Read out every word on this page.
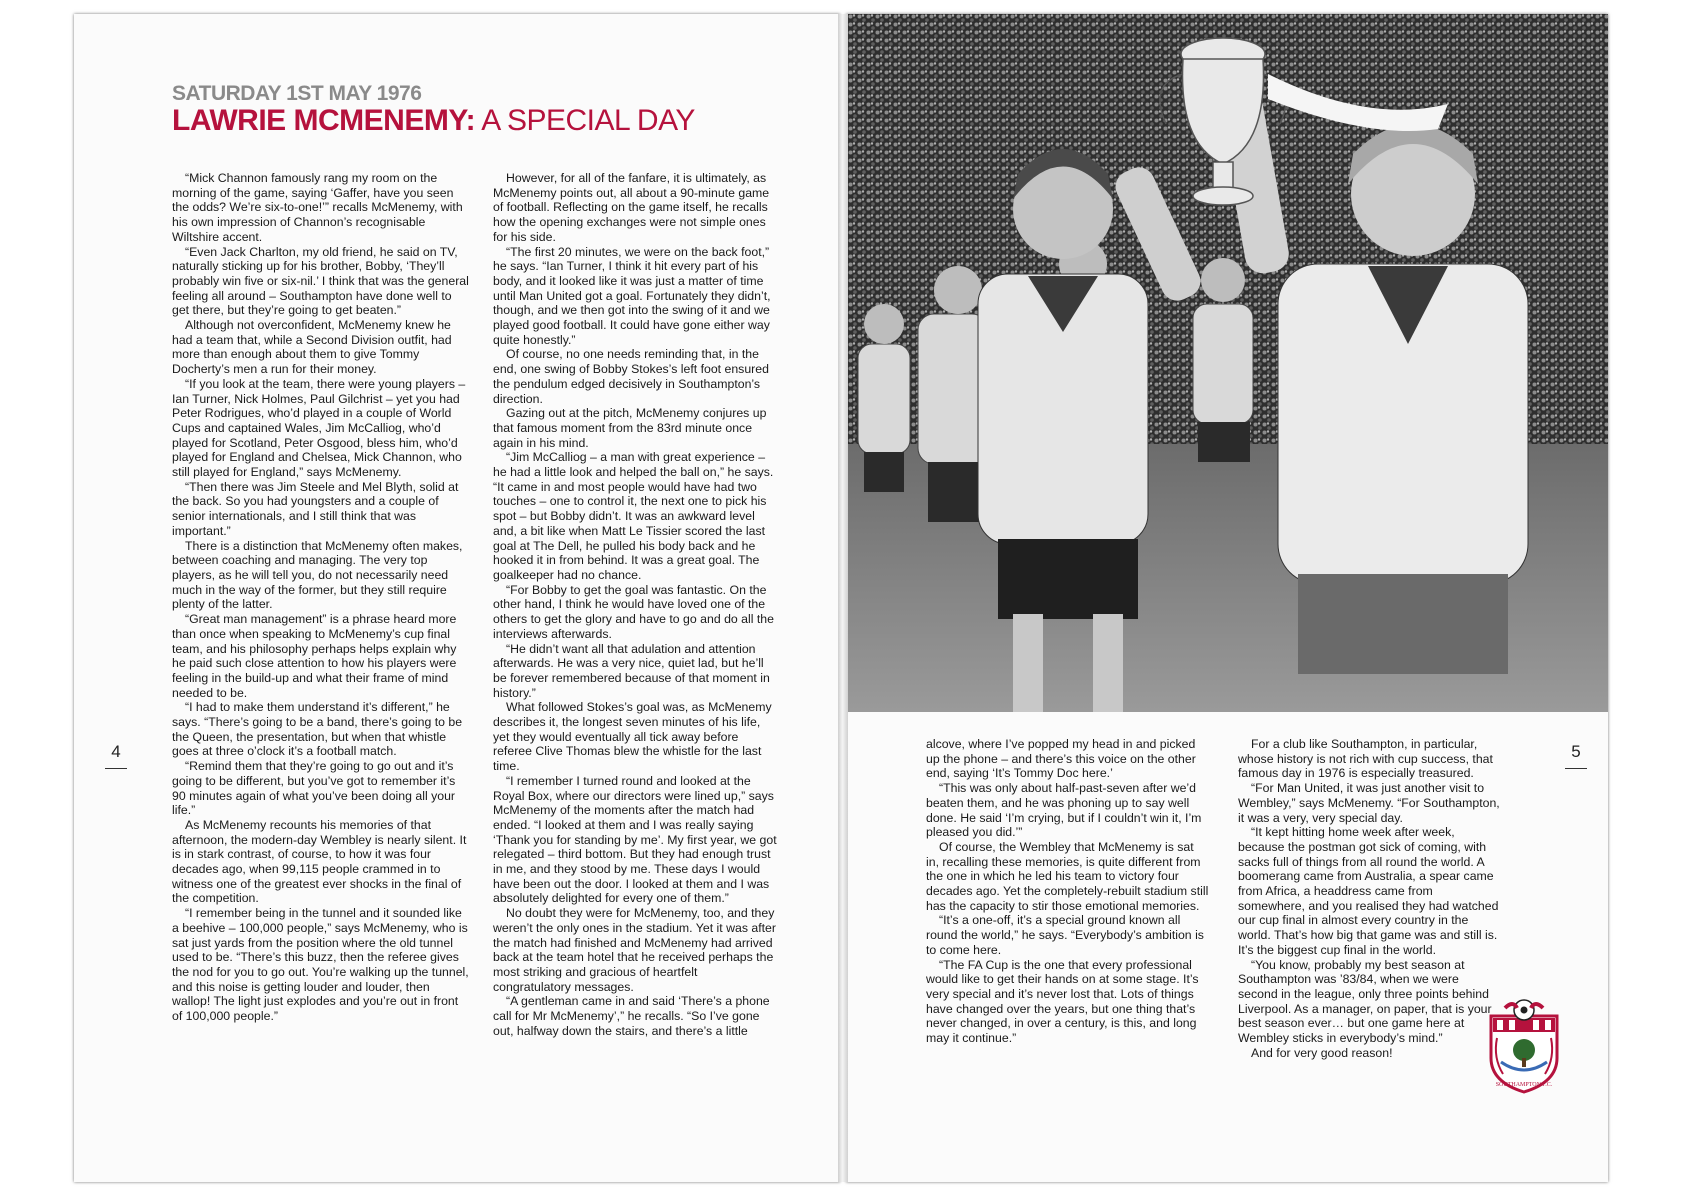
SATURDAY 1ST MAY 1976

LAWRIE MCMENEMY: A SPECIAL DAY

“Mick Channon famously rang my room on the morning of the game, saying ‘Gaffer, have you seen the odds? We’re six-to-one!’” recalls McMenemy, with his own impression of Channon’s recognisable Wiltshire accent.

“Even Jack Charlton, my old friend, he said on TV, naturally sticking up for his brother, Bobby, ‘They’ll probably win five or six-nil.’ I think that was the general feeling all around – Southampton have done well to get there, but they’re going to get beaten.”

Although not overconfident, McMenemy knew he had a team that, while a Second Division outfit, had more than enough about them to give Tommy Docherty’s men a run for their money.

“If you look at the team, there were young players – Ian Turner, Nick Holmes, Paul Gilchrist – yet you had Peter Rodrigues, who’d played in a couple of World Cups and captained Wales, Jim McCalliog, who’d played for Scotland, Peter Osgood, bless him, who’d played for England and Chelsea, Mick Channon, who still played for England,” says McMenemy.

“Then there was Jim Steele and Mel Blyth, solid at the back. So you had youngsters and a couple of senior internationals, and I still think that was important.”

There is a distinction that McMenemy often makes, between coaching and managing. The very top players, as he will tell you, do not necessarily need much in the way of the former, but they still require plenty of the latter.

“Great man management” is a phrase heard more than once when speaking to McMenemy’s cup final team, and his philosophy perhaps helps explain why he paid such close attention to how his players were feeling in the build-up and what their frame of mind needed to be.

“I had to make them understand it’s different,” he says. “There’s going to be a band, there’s going to be the Queen, the presentation, but when that whistle goes at three o’clock it’s a football match.

“Remind them that they’re going to go out and it’s going to be different, but you’ve got to remember it’s 90 minutes again of what you’ve been doing all your life.”

As McMenemy recounts his memories of that afternoon, the modern-day Wembley is nearly silent. It is in stark contrast, of course, to how it was four decades ago, when 99,115 people crammed in to witness one of the greatest ever shocks in the final of the competition.

“I remember being in the tunnel and it sounded like a beehive – 100,000 people,” says McMenemy, who is sat just yards from the position where the old tunnel used to be. “There’s this buzz, then the referee gives the nod for you to go out. You’re walking up the tunnel, and this noise is getting louder and louder, then wallop! The light just explodes and you’re out in front of 100,000 people.”

However, for all of the fanfare, it is ultimately, as McMenemy points out, all about a 90-minute game of football. Reflecting on the game itself, he recalls how the opening exchanges were not simple ones for his side.

“The first 20 minutes, we were on the back foot,” he says. “Ian Turner, I think it hit every part of his body, and it looked like it was just a matter of time until Man United got a goal. Fortunately they didn’t, though, and we then got into the swing of it and we played good football. It could have gone either way quite honestly.”

Of course, no one needs reminding that, in the end, one swing of Bobby Stokes’s left foot ensured the pendulum edged decisively in Southampton’s direction.

Gazing out at the pitch, McMenemy conjures up that famous moment from the 83rd minute once again in his mind.

“Jim McCalliog – a man with great experience – he had a little look and helped the ball on,” he says. “It came in and most people would have had two touches – one to control it, the next one to pick his spot – but Bobby didn’t. It was an awkward level and, a bit like when Matt Le Tissier scored the last goal at The Dell, he pulled his body back and he hooked it in from behind. It was a great goal. The goalkeeper had no chance.

“For Bobby to get the goal was fantastic. On the other hand, I think he would have loved one of the others to get the glory and have to go and do all the interviews afterwards.

“He didn’t want all that adulation and attention afterwards. He was a very nice, quiet lad, but he’ll be forever remembered because of that moment in history.”

What followed Stokes’s goal was, as McMenemy describes it, the longest seven minutes of his life, yet they would eventually all tick away before referee Clive Thomas blew the whistle for the last time.

“I remember I turned round and looked at the Royal Box, where our directors were lined up,” says McMenemy of the moments after the match had ended. “I looked at them and I was really saying ‘Thank you for standing by me’. My first year, we got relegated – third bottom. But they had enough trust in me, and they stood by me. These days I would have been out the door. I looked at them and I was absolutely delighted for every one of them.”

No doubt they were for McMenemy, too, and they weren’t the only ones in the stadium. Yet it was after the match had finished and McMenemy had arrived back at the team hotel that he received perhaps the most striking and gracious of heartfelt congratulatory messages.

“A gentleman came in and said ‘There’s a phone call for Mr McMenemy’,” he recalls. “So I’ve gone out, halfway down the stairs, and there’s a little

4	alcove, where I’ve popped my head in and picked up the phone – and there’s this voice on the other end, saying ‘It’s Tommy Doc here.’

“This was only about half-past-seven after we’d beaten them, and he was phoning up to say well done. He said ‘I’m crying, but if I couldn’t win it, I’m pleased you did.’”

Of course, the Wembley that McMenemy is sat in, recalling these memories, is quite different from the one in which he led his team to victory four decades ago. Yet the completely-rebuilt stadium still has the capacity to stir those emotional memories.

“It’s a one-off, it’s a special ground known all round the world,” he says. “Everybody’s ambition is to come here.

“The FA Cup is the one that every professional would like to get their hands on at some stage. It’s very special and it’s never lost that. Lots of things have changed over the years, but one thing that’s never changed, in over a century, is this, and long may it continue.”

For a club like Southampton, in particular, whose history is not rich with cup success, that famous day in 1976 is especially treasured.

“For Man United, it was just another visit to Wembley,” says McMenemy. “For Southampton, it was a very, very special day.

“It kept hitting home week after week, because the postman got sick of coming, with sacks full of things from all round the world. A boomerang came from Australia, a spear came from Africa, a headdress came from somewhere, and you realised they had watched our cup final in almost every country in the world. That’s how big that game was and still is. It’s the biggest cup final in the world.

“You know, probably my best season at Southampton was ’83/84, when we were second in the league, only three points behind Liverpool. As a manager, on paper, that is your best season ever… but one game here at Wembley sticks in everybody’s mind.”

And for very good reason!

5
SOUTHAMPTON F.C.
